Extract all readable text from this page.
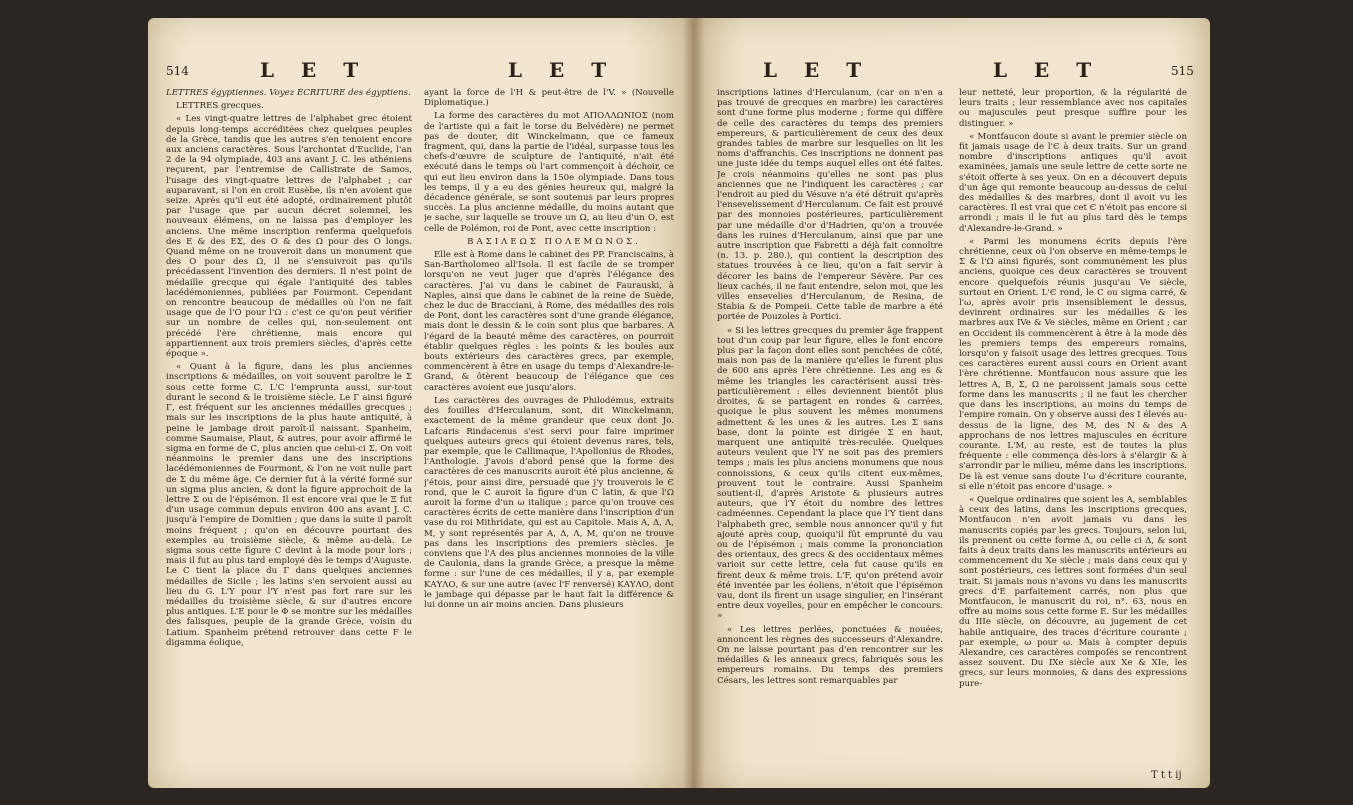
514	L E T	L E T

LETTRES égyptiennes. Voyez ÉCRITURE des égyptiens.

LETTRES grecques.

« Les vingt-quatre lettres de l'alphabet grec étoient depuis long-temps accréditées chez quelques peuples de la Grèce, tandis que les autres s'en tenoient encore aux anciens caractères. Sous l'archontat d'Euclide, l'an 2 de la 94 olympiade, 403 ans avant J. C. les athéniens reçurent, par l'entremise de Callistrate de Samos, l'usage des vingt-quatre lettres de l'alphabet ; car auparavant, si l'on en croit Eusèbe, ils n'en avoient que seize. Après qu'il eut été adopté, ordinairement plutôt par l'usage que par aucun décret solemnel, les nouveaux élémens, on ne laissa pas d'employer les anciens. Une même inscription renferma quelquefois des Ε & des ΕΣ, des Ο & des Ω pour des Ο longs. Quand même on ne trouveroit dans un monument que des Ο pour des Ω, il ne s'ensuivroit pas qu'ils précédassent l'invention des derniers. Il n'est point de médaille grecque qui égale l'antiquité des tables lacédémoniennes, publiées par Fourmont. Cependant on rencontre beaucoup de médailles où l'on ne fait usage que de l'Ο pour l'Ω : c'est ce qu'on peut vérifier sur un nombre de celles qui, non-seulement ont précédé l'ère chrétienne, mais encore qui appartiennent aux trois premiers siècles, d'après cette époque ».

« Quant à la figure, dans les plus anciennes inscriptions & médailles, on voit souvent paroître le Σ sous cette forme Ϲ. L'Ϲ l'emprunta aussi, sur-tout durant le second & le troisième siècle. Le Γ ainsi figuré Γ, est fréquent sur les anciennes médailles grecques ; mais sur les inscriptions de la plus haute antiquité, à peine le jambage droit paroît-il naissant. Spanheim, comme Saumaise, Plaut, & autres, pour avoir affirmé le sigma en forme de Ϲ, plus ancien que celui-ci Σ. On voit néanmoins le premier dans une des inscriptions lacédémoniennes de Fourmont, & l'on ne voit nulle part de Σ du même âge. Ce dernier fut à la vérité formé sur un sigma plus ancien, & dont la figure approchoit de la lettre Σ ou de l'épisémon. Il est encore vrai que le Ξ fut d'un usage commun depuis environ 400 ans avant J. C. jusqu'à l'empire de Domitien ; que dans la suite il paroît moins fréquent ; qu'on en découvre pourtant des exemples au troisième siècle, & même au-delà. Le sigma sous cette figure Ϲ devint à la mode pour lors ; mais il fut au plus tard employé dès le temps d'Auguste. Le C tient la place du Γ dans quelques anciennes médailles de Sicile ; les latins s'en servoient aussi au lieu du G. L'Υ pour l'Υ n'est pas fort rare sur les médailles du troisième siècle, & sur d'autres encore plus antiques. L'Ε pour le Φ se montre sur les médailles des falisques, peuple de la grande Grèce, voisin du Latium. Spanheim prétend retrouver dans cette Ϝ le digamma éolique,

ayant la force de l'H & peut-être de l'V. » (Nouvelle Diplomatique.)

La forme des caractères du mot ΑΠΟΛΛΩΝΙΟΣ (nom de l'artiste qui a fait le torse du Belvédère) ne permet pas de douter, dit Winckelmann, que ce fameux fragment, qui, dans la partie de l'idéal, surpasse tous les chefs-d'œuvre de sculpture de l'antiquité, n'ait été exécuté dans le temps où l'art commençoit à déchoir, ce qui eut lieu environ dans la 150e olympiade. Dans tous les temps, il y a eu des génies heureux qui, malgré la décadence générale, se sont soutenus par leurs propres succès. La plus ancienne médaille, du moins autant que je sache, sur laquelle se trouve un Ω, au lieu d'un Ο, est celle de Polémon, roi de Pont, avec cette inscription :

ΒΑΣΙΛΕΩΣ ΠΟΛΕΜΩΝΟΣ.

Elle est à Rome dans le cabinet des PP. Franciscains, à San-Bartholomeo all'Isola. Il est facile de se tromper lorsqu'on ne veut juger que d'après l'élégance des caractères. J'ai vu dans le cabinet de Faurauski, à Naples, ainsi que dans le cabinet de la reine de Suède, chez le duc de Bracciani, à Rome, des médailles des rois de Pont, dont les caractères sont d'une grande élégance, mais dont le dessin & le coin sont plus que barbares. A l'égard de la beauté même des caractères, on pourroit établir quelques règles : les points & les boules aux bouts extérieurs des caractères grecs, par exemple, commencèrent à être en usage du temps d'Alexandre-le-Grand, & ôtèrent beaucoup de l'élégance que ces caractères avoient eue jusqu'alors.

Les caractères des ouvrages de Philodémus, extraits des fouilles d'Herculanum, sont, dit Winckelmann, exactement de la même grandeur que ceux dont Jo. Lafcaris Rindacenus s'est servi pour faire imprimer quelques auteurs grecs qui étoient devenus rares, tels, par exemple, que le Callimaque, l'Apollonius de Rhodes, l'Anthologie. J'avois d'abord pensé que la forme des caractères de ces manuscrits auroit été plus ancienne, & j'étois, pour ainsi dire, persuadé que j'y trouverois le Є rond, que le Ϲ auroit la figure d'un C latin, & que l'Ω auroit la forme d'un ω italique ; parce qu'on trouve ces caractères écrits de cette manière dans l'inscription d'un vase du roi Mithridate, qui est au Capitole. Mais Α, Δ, Λ, Μ, y sont représentés par Α, Δ, Λ, Μ, qu'on ne trouve pas dans les inscriptions des premiers siècles. Je conviens que l'A des plus anciennes monnoies de la ville de Caulonia, dans la grande Grèce, a presque la même forme : sur l'une de ces médailles, il y a, par exemple ΚΑΥΛΟ, & sur une autre (avec l'Ϝ renversé) ΚΑΥΛΟ, dont le jambage qui dépasse par le haut fait la différence & lui donne un air moins ancien. Dans plusieurs

L E T	L E T	515

inscriptions latines d'Herculanum, (car on n'en a pas trouvé de grecques en marbre) les caractères sont d'une forme plus moderne ; forme qui diffère de celle des caractères du temps des premiers empereurs, & particulièrement de ceux des deux grandes tables de marbre sur lesquelles on lit les noms d'affranchis. Ces inscriptions ne donnent pas une juste idée du temps auquel elles ont été faites. Je crois néanmoins qu'elles ne sont pas plus anciennes que ne l'indiquent les caractères ; car l'endroit au pied du Vésuve n'a été détruit qu'après l'ensevelissement d'Herculanum. Ce fait est prouvé par des monnoies postérieures, particulièrement par une médaille d'or d'Hadrien, qu'on a trouvée dans les ruines d'Herculanum, ainsi que par une autre inscription que Fabretti a déjà fait connoître (n. 13. p. 280.), qui contient la description des statues trouvées à ce lieu, qu'on a fait servir à décorer les bains de l'empereur Sévère. Par ces lieux cachés, il ne faut entendre, selon moi, que les villes ensevelies d'Herculanum, de Resina, de Stabia & de Pompeii. Cette table de marbre a été portée de Pouzoles à Portici.

« Si les lettres grecques du premier âge frappent tout d'un coup par leur figure, elles le font encore plus par la façon dont elles sont penchées de côté, mais non pas de la manière qu'elles le furent plus de 600 ans après l'ère chrétienne. Les ang es & même les triangles les caractérisent aussi très-particulièrement : elles deviennent bientôt plus droites, & se partagent en rondes & carrées, quoique le plus souvent les mêmes monumens admettent & les unes & les autres. Les Σ sans base, dont la pointe est dirigée Σ en haut, marquent une antiquité très-reculée. Quelques auteurs veulent que l'Υ ne soit pas des premiers temps ; mais les plus anciens monumens que nous connoissions, & ceux qu'ils citent eux-mêmes, prouvent tout le contraire. Aussi Spanheim soutient-il, d'après Aristote & plusieurs autres auteurs, que l'Υ étoit du nombre des lettres cadméennes. Cependant la place que l'Υ tient dans l'alphabeth grec, semble nous annoncer qu'il y fut ajouté après coup, quoiqu'il fût emprunté du vau ou de l'épisémon ; mais comme la prononciation des orientaux, des grecs & des occidentaux mêmes varioit sur cette lettre, cela fut cause qu'ils en firent deux & même trois. L'F, qu'on prétend avoir été inventée par les éoliens, n'étoit que l'épisémon vau, dont ils firent un usage singulier, en l'insérant entre deux voyelles, pour en empêcher le concours. »

« Les lettres perlées, ponctuées & nouées, annoncent les règnes des successeurs d'Alexandre. On ne laisse pourtant pas d'en rencontrer sur les médailles & les anneaux grecs, fabriqués sous les empereurs romains. Du temps des premiers Césars, les lettres sont remarquables par

leur netteté, leur proportion, & la régularité de leurs traits ; leur ressemblance avec nos capitales ou majuscules peut presque suffire pour les distinguer. »

« Montfaucon doute si avant le premier siècle on fit jamais usage de l'Є à deux traits. Sur un grand nombre d'inscriptions antiques qu'il avoit examinées, jamais une seule lettre de cette sorte ne s'étoit offerte à ses yeux. On en a découvert depuis d'un âge qui remonte beaucoup au-dessus de celui des médailles & des marbres, dont il avoit vu les caractères. Il est vrai que cet Є n'étoit pas encore si arrondi ; mais il le fut au plus tard dès le temps d'Alexandre-le-Grand. »

« Parmi les monumens écrits depuis l'ère chrétienne, ceux où l'on observe en même-temps le Σ & l'Ω ainsi figurés, sont communément les plus anciens, quoique ces deux caractères se trouvent encore quelquefois réunis jusqu'au Ve siècle, surtout en Orient. L'Є rond, le Ϲ ou sigma carré, & l'ω, après avoir pris insensiblement le dessus, devinrent ordinaires sur les médailles & les marbres aux IVe & Ve siècles, même en Orient ; car en Occident ils commencèrent à être à la mode dès les premiers temps des empereurs romains, lorsqu'on y faisoit usage des lettres grecques. Tous ces caractères eurent aussi cours en Orient avant l'ère chrétienne. Montfaucon nous assure que les lettres Α, Β, Σ, Ω ne paroissent jamais sous cette forme dans les manuscrits ; il ne faut les chercher que dans les inscriptions, au moins du temps de l'empire romain. On y observe aussi des Ι élevés au-dessus de la ligne, des Μ, des Ν & des Α approchans de nos lettres majuscules en écriture courante. L'Μ, au reste, est de toutes la plus fréquente : elle commença dès-lors à s'élargir & à s'arrondir par le milieu, même dans les inscriptions. De là est venue sans doute l'ω d'écriture courante, si elle n'étoit pas encore d'usage. »

« Quelque ordinaires que soient les Α, semblables à ceux des latins, dans les inscriptions grecques, Montfaucon n'en avoit jamais vu dans les manuscrits copiés par les grecs. Toujours, selon lui, ils prennent ou cette forme Δ, ou celle ci Δ, & sont faits à deux traits dans les manuscrits antérieurs au commencement du Xe siècle ; mais dans ceux qui y sont postérieurs, ces lettres sont formées d'un seul trait. Si jamais nous n'avons vu dans les manuscrits grecs d'Ε parfaitement carrés, non plus que Montfaucon, le manuscrit du roi, n°. 63, nous en offre au moins sous cette forme Ε. Sur les médailles du IIIe siècle, on découvre, au jugement de cet habile antiquaire, des traces d'écriture courante ; par exemple, ω pour ω. Mais à compter depuis Alexandre, ces caractères compoſés se rencontrent assez souvent. Du IXe siècle aux Xe & XIe, les grecs, sur leurs monnoies, & dans des expressions pure-

T t t ij
